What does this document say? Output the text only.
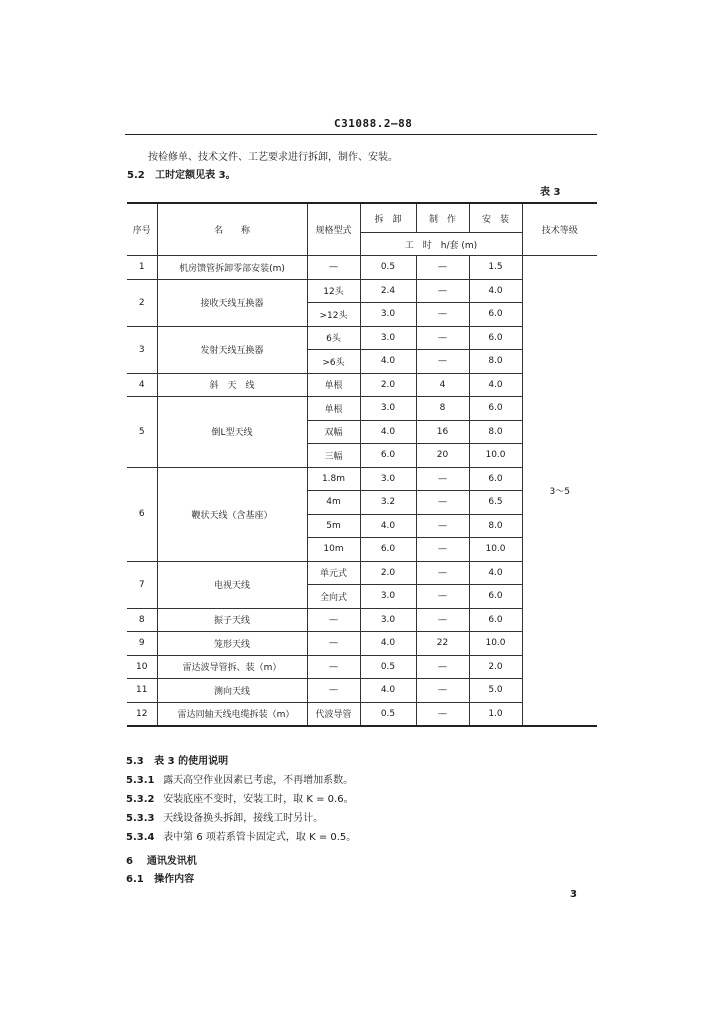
C31088.2—88
按检修单、技术文件、工艺要求进行拆卸，制作、安装。
5.2 工时定额见表 3。
表 3
序号	名　　称	规格型式	拆　卸	制　作	安　装	技术等级
			工　时　h/套 (m)			
1	机房馈管拆卸零部安装(m)	—	0.5	—	1.5	3～5
2	接收天线互换器	12头	2.4	—	4.0	
		>12头	3.0	—	6.0	
3	发射天线互换器	6头	3.0	—	6.0	
		>6头	4.0	—	8.0	
4	斜　天　线	单根	2.0	4	4.0	
5	倒L型天线	单根	3.0	8	6.0	
		双幅	4.0	16	8.0	
		三幅	6.0	20	10.0	
6	鞭状天线（含基座）	1.8m	3.0	—	6.0	
		4m	3.2	—	6.5	
		5m	4.0	—	8.0	
		10m	6.0	—	10.0	
7	电视天线	单元式	2.0	—	4.0	
		全向式	3.0	—	6.0	
8	振子天线	—	3.0	—	6.0	
9	笼形天线	—	4.0	22	10.0	
10	雷达波导管拆、装（m）	—	0.5	—	2.0	
11	测向天线	—	4.0	—	5.0	
12	雷达同轴天线电缆拆装（m）	代波导管	0.5	—	1.0	
5.3 表 3 的使用说明
5.3.1 露天高空作业因素已考虑，不再增加系数。
5.3.2 安装底座不变时，安装工时，取 K = 0.6。
5.3.3 天线设备换头拆卸，接线工时另计。
5.3.4 表中第 6 项若系管卡固定式，取 K = 0.5。
6 通讯发讯机
6.1 操作内容
3
